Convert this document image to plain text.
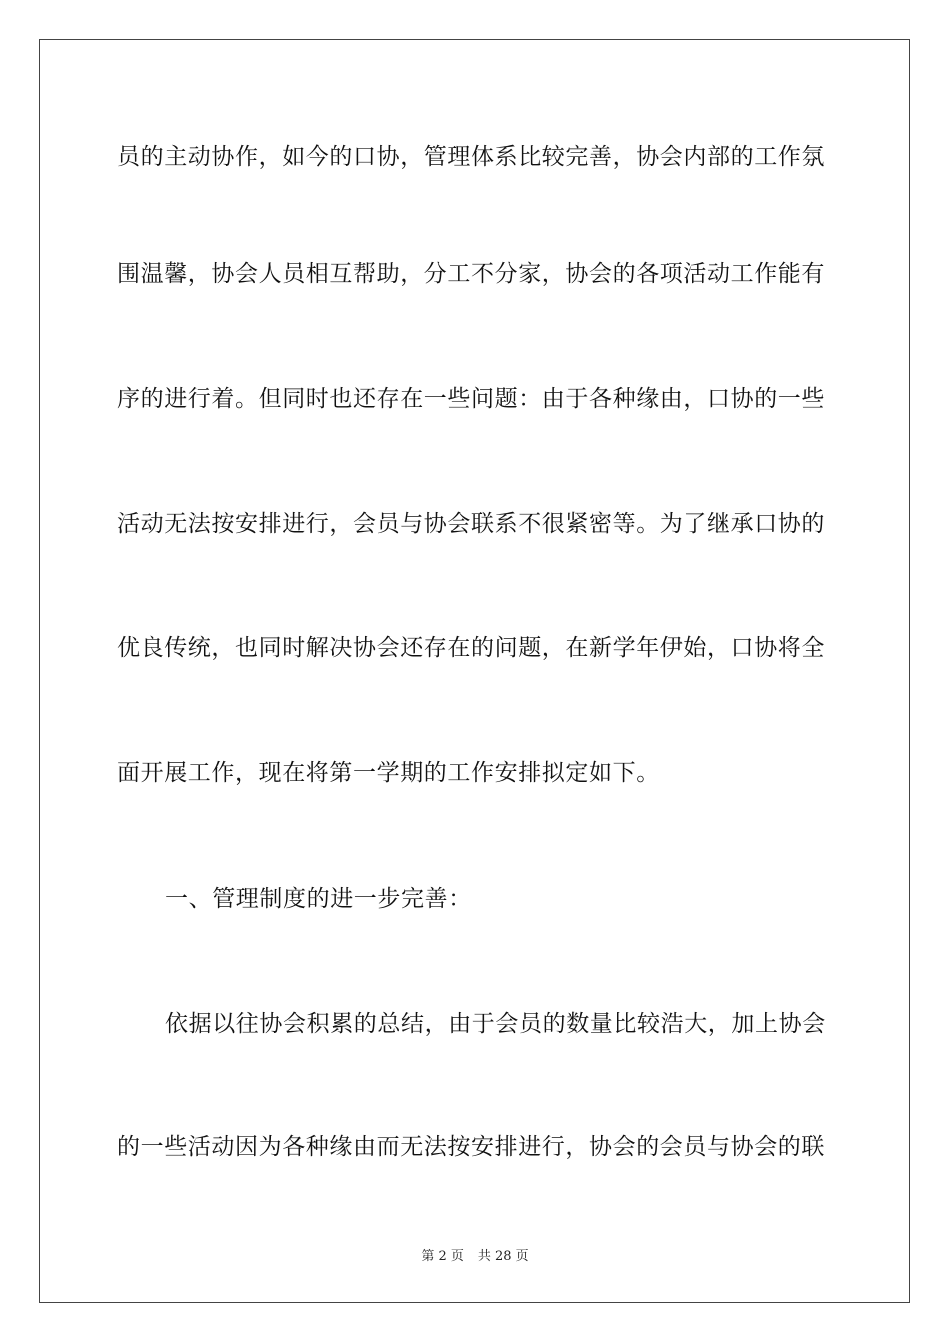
员的主动协作，如今的口协，管理体系比较完善，协会内部的工作氛
围温馨，协会人员相互帮助，分工不分家，协会的各项活动工作能有
序的进行着。但同时也还存在一些问题：由于各种缘由，口协的一些
活动无法按安排进行，会员与协会联系不很紧密等。为了继承口协的
优良传统，也同时解决协会还存在的问题，在新学年伊始，口协将全
面开展工作，现在将第一学期的工作安排拟定如下。
一、管理制度的进一步完善：
依据以往协会积累的总结，由于会员的数量比较浩大，加上协会
的一些活动因为各种缘由而无法按安排进行，协会的会员与协会的联
第 2 页 共 28 页
